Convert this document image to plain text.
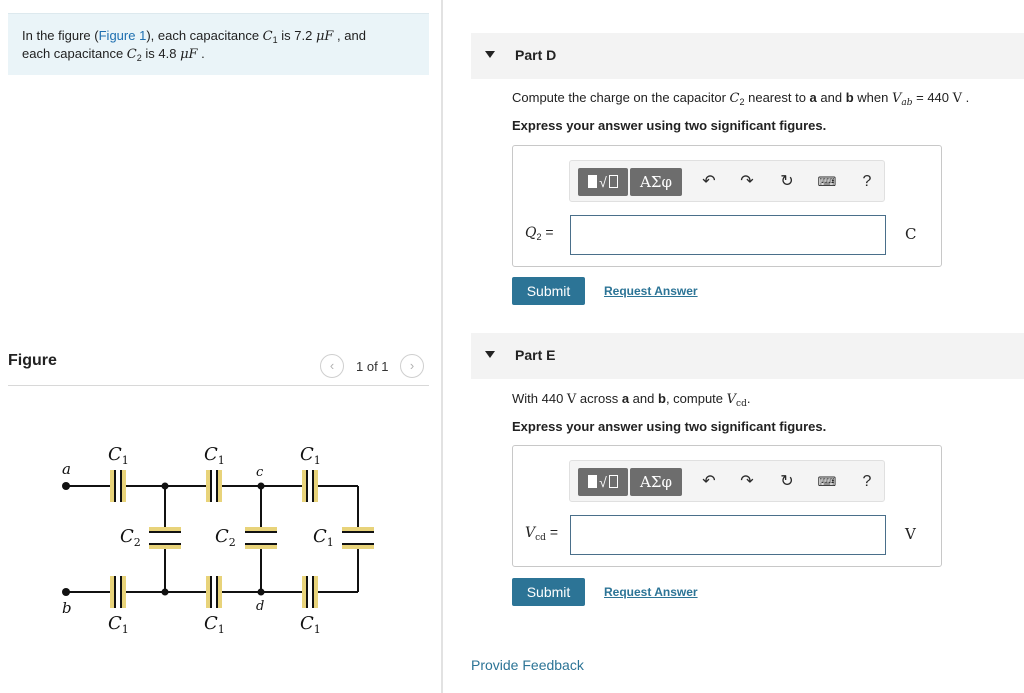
In the figure (Figure 1), each capacitance $C_1$ is 7.2 μF , and
each capacitance $C_2$ is 4.8 μF .
Figure	‹	1 of 1	›
a
b
c
d
$C_1$	$C_1$	$C_1$
$C_2$	$C_2$	$C_1$
$C_1$	$C_1$	$C_1$
Part D
Compute the charge on the capacitor $C_2$ nearest to a and b when $V_{ab} = 440$ V .
Express your answer using two significant figures.
√	ΑΣφ	↶ ↷ ↻	⌨	?
$Q_2$ =	C
Submit	Request Answer
Part E
With 440 V across a and b, compute $V_{cd}$.
Express your answer using two significant figures.
√	ΑΣφ	↶ ↷ ↻	⌨	?
$V_{cd}$ =	V
Submit	Request Answer
Provide Feedback
